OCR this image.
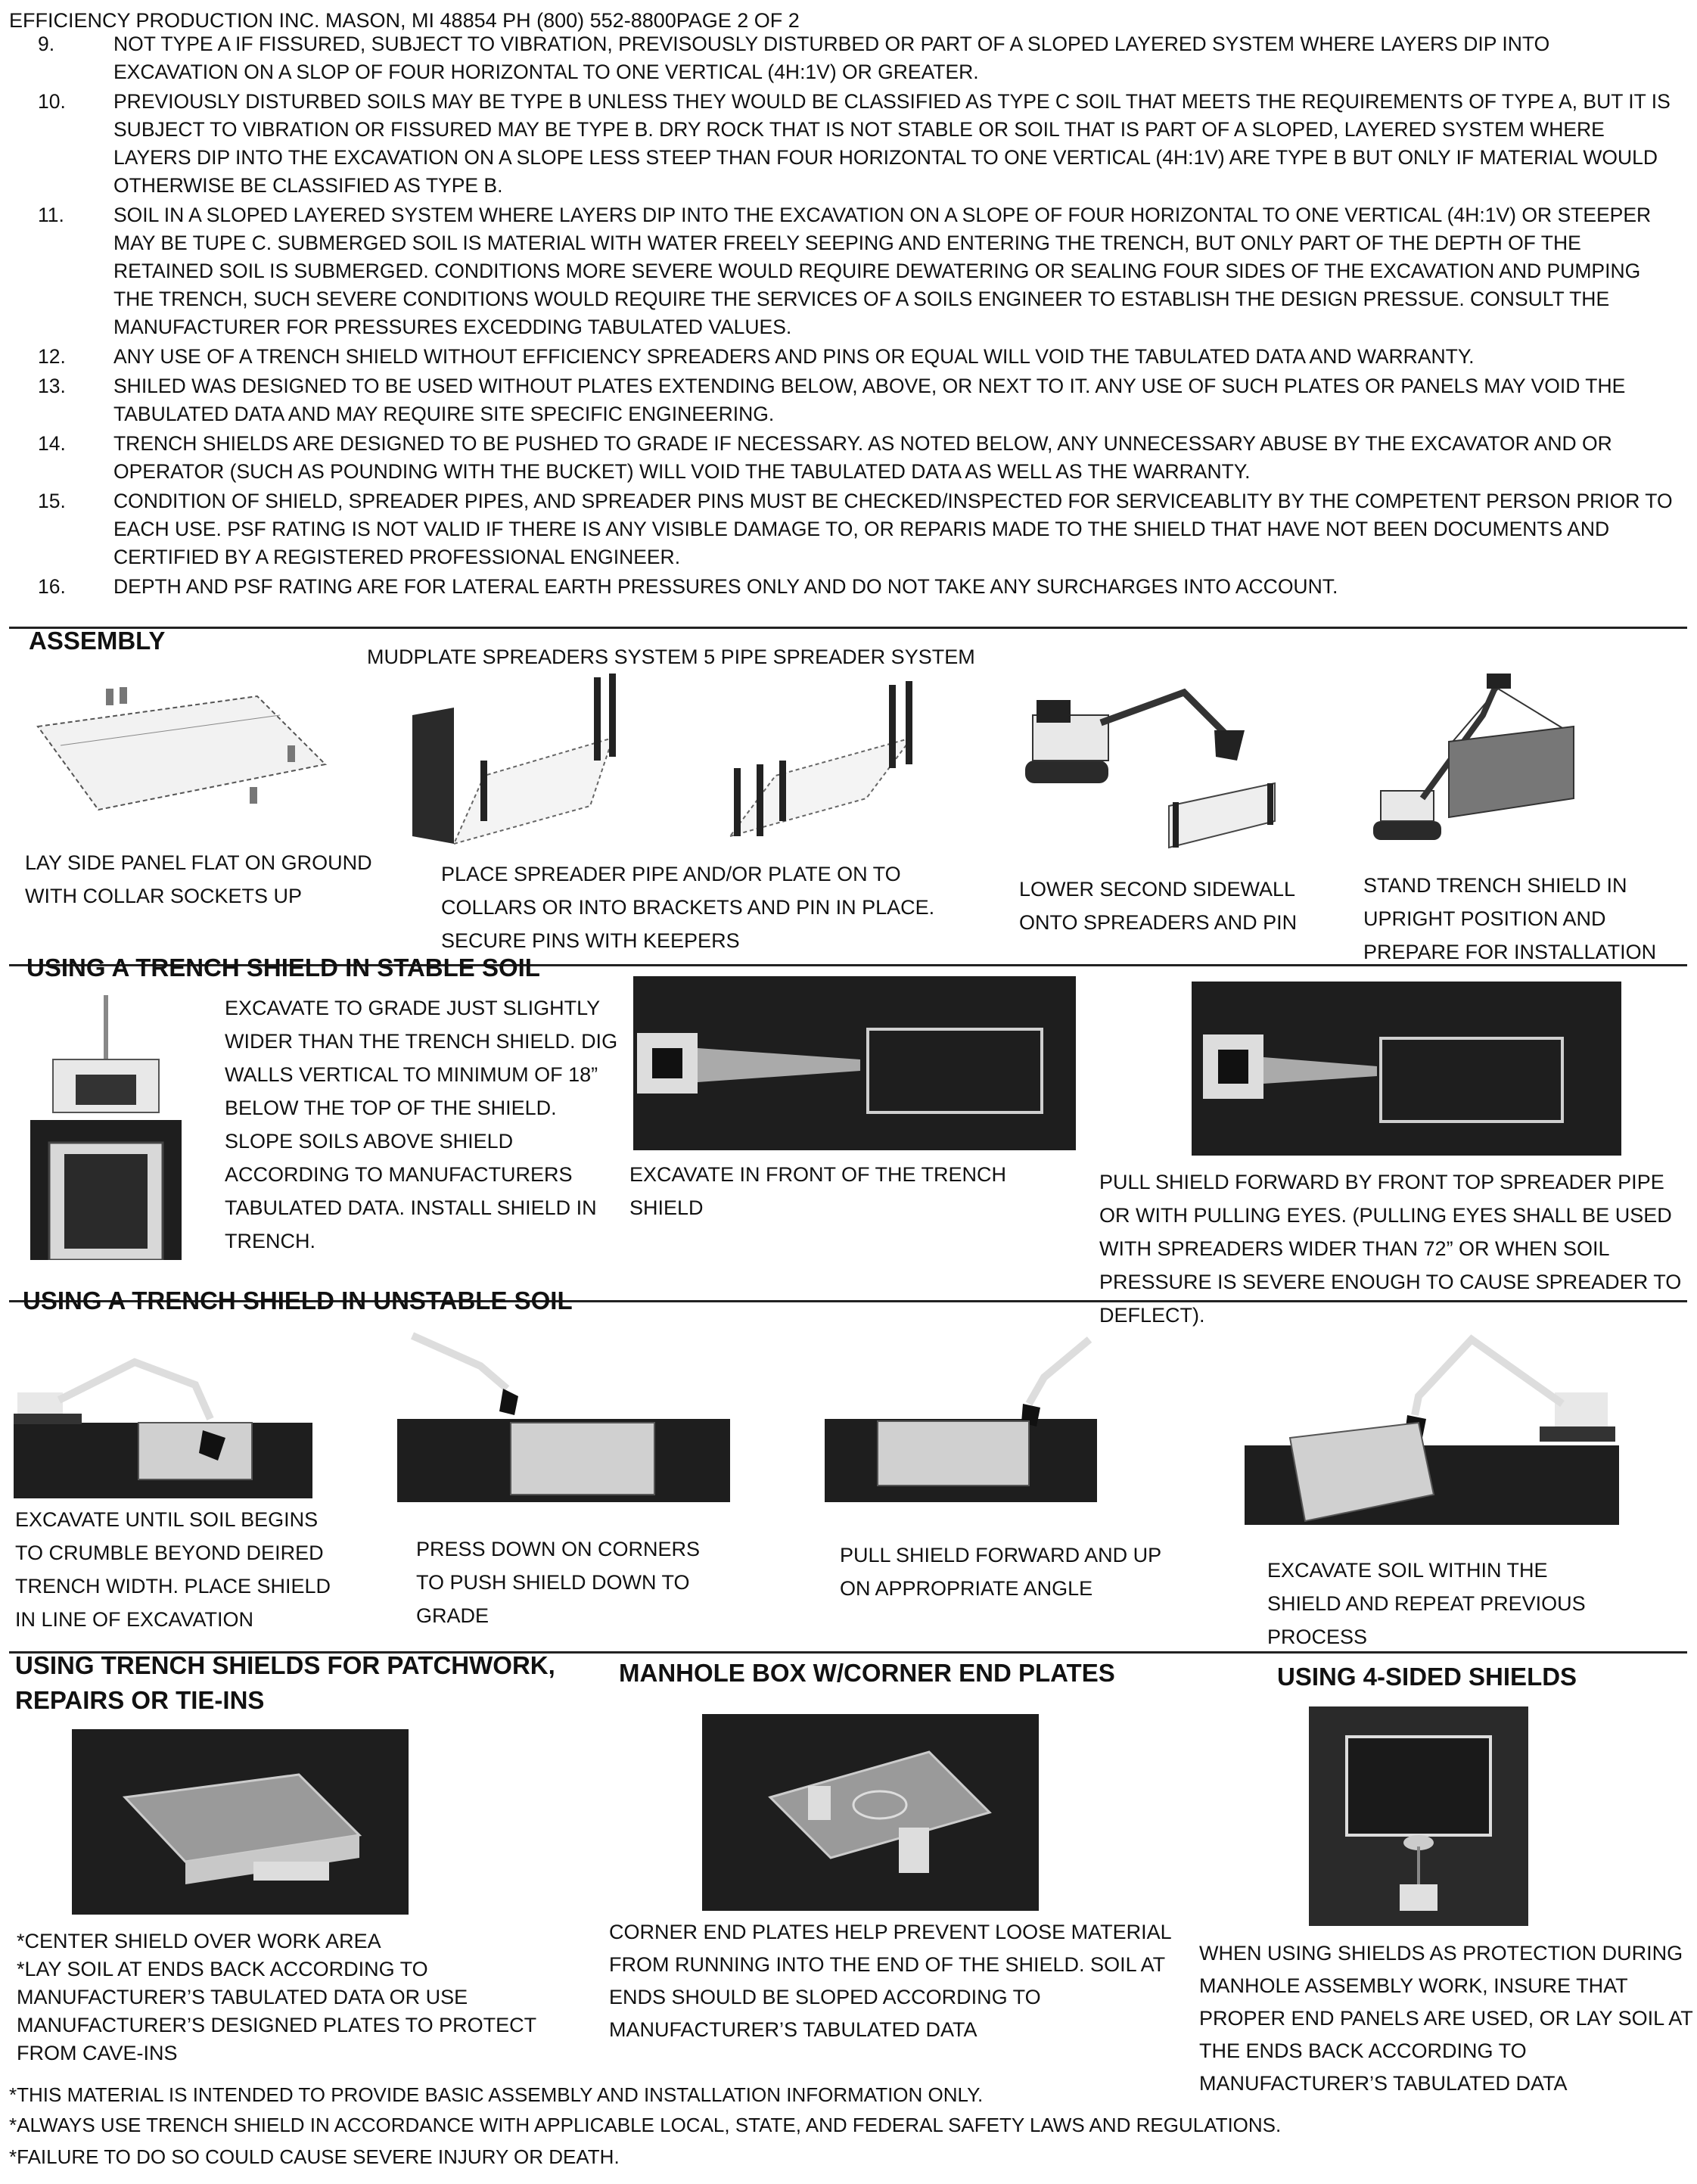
EFFICIENCY PRODUCTION INC. MASON, MI 48854 PH (800) 552-8800PAGE 2 OF 2
9.	NOT TYPE A IF FISSURED, SUBJECT TO VIBRATION, PREVISOUSLY DISTURBED OR PART OF A SLOPED LAYERED SYSTEM WHERE LAYERS DIP INTO EXCAVATION ON A SLOP OF FOUR HORIZONTAL TO ONE VERTICAL (4H:1V) OR GREATER.
10.	PREVIOUSLY DISTURBED SOILS MAY BE TYPE B UNLESS THEY WOULD BE CLASSIFIED AS TYPE C SOIL THAT MEETS THE REQUIREMENTS OF TYPE A, BUT IT IS SUBJECT TO VIBRATION OR FISSURED MAY BE TYPE B. DRY ROCK THAT IS NOT STABLE OR SOIL THAT IS PART OF A SLOPED, LAYERED SYSTEM WHERE LAYERS DIP INTO THE EXCAVATION ON A SLOPE LESS STEEP THAN FOUR HORIZONTAL TO ONE VERTICAL (4H:1V) ARE TYPE B BUT ONLY IF MATERIAL WOULD OTHERWISE BE CLASSIFIED AS TYPE B.
11.	SOIL IN A SLOPED LAYERED SYSTEM WHERE LAYERS DIP INTO THE EXCAVATION ON A SLOPE OF FOUR HORIZONTAL TO ONE VERTICAL (4H:1V) OR STEEPER MAY BE TUPE C. SUBMERGED SOIL IS MATERIAL WITH WATER FREELY SEEPING AND ENTERING THE TRENCH, BUT ONLY PART OF THE DEPTH OF THE RETAINED SOIL IS SUBMERGED. CONDITIONS MORE SEVERE WOULD REQUIRE DEWATERING OR SEALING FOUR SIDES OF THE EXCAVATION AND PUMPING THE TRENCH, SUCH SEVERE CONDITIONS WOULD REQUIRE THE SERVICES OF A SOILS ENGINEER TO ESTABLISH THE DESIGN PRESSUE. CONSULT THE MANUFACTURER FOR PRESSURES EXCEDDING TABULATED VALUES.
12.	ANY USE OF A TRENCH SHIELD WITHOUT EFFICIENCY SPREADERS AND PINS OR EQUAL WILL VOID THE TABULATED DATA AND WARRANTY.
13.	SHILED WAS DESIGNED TO BE USED WITHOUT PLATES EXTENDING BELOW, ABOVE, OR NEXT TO IT. ANY USE OF SUCH PLATES OR PANELS MAY VOID THE TABULATED DATA AND MAY REQUIRE SITE SPECIFIC ENGINEERING.
14.	TRENCH SHIELDS ARE DESIGNED TO BE PUSHED TO GRADE IF NECESSARY. AS NOTED BELOW, ANY UNNECESSARY ABUSE BY THE EXCAVATOR AND OR OPERATOR (SUCH AS POUNDING WITH THE BUCKET) WILL VOID THE TABULATED DATA AS WELL AS THE WARRANTY.
15.	CONDITION OF SHIELD, SPREADER PIPES, AND SPREADER PINS MUST BE CHECKED/INSPECTED FOR SERVICEABLITY BY THE COMPETENT PERSON PRIOR TO EACH USE. PSF RATING IS NOT VALID IF THERE IS ANY VISIBLE DAMAGE TO, OR REPARIS MADE TO THE SHIELD THAT HAVE NOT BEEN DOCUMENTS AND CERTIFIED BY A REGISTERED PROFESSIONAL ENGINEER.
16.	DEPTH AND PSF RATING ARE FOR LATERAL EARTH PRESSURES ONLY AND DO NOT TAKE ANY SURCHARGES INTO ACCOUNT.
ASSEMBLY
MUDPLATE SPREADERS SYSTEM 5 PIPE SPREADER SYSTEM
LAY SIDE PANEL FLAT ON GROUND WITH COLLAR SOCKETS UP
PLACE SPREADER PIPE AND/OR PLATE ON TO COLLARS OR INTO BRACKETS AND PIN IN PLACE. SECURE PINS WITH KEEPERS
LOWER SECOND SIDEWALL ONTO SPREADERS AND PIN
STAND TRENCH SHIELD IN UPRIGHT POSITION AND PREPARE FOR INSTALLATION
USING A TRENCH SHIELD IN STABLE SOIL
EXCAVATE TO GRADE JUST SLIGHTLY WIDER THAN THE TRENCH SHIELD. DIG WALLS VERTICAL TO MINIMUM OF 18” BELOW THE TOP OF THE SHIELD. SLOPE SOILS ABOVE SHIELD ACCORDING TO MANUFACTURERS TABULATED DATA. INSTALL SHIELD IN TRENCH.
EXCAVATE IN FRONT OF THE TRENCH SHIELD
PULL SHIELD FORWARD BY FRONT TOP SPREADER PIPE OR WITH PULLING EYES. (PULLING EYES SHALL BE USED WITH SPREADERS WIDER THAN 72” OR WHEN SOIL PRESSURE IS SEVERE ENOUGH TO CAUSE SPREADER TO DEFLECT).
USING A TRENCH SHIELD IN UNSTABLE SOIL
EXCAVATE UNTIL SOIL BEGINS TO CRUMBLE BEYOND DEIRED TRENCH WIDTH. PLACE SHIELD IN LINE OF EXCAVATION
PRESS DOWN ON CORNERS TO PUSH SHIELD DOWN TO GRADE
PULL SHIELD FORWARD AND UP ON APPROPRIATE ANGLE
EXCAVATE SOIL WITHIN THE SHIELD AND REPEAT PREVIOUS PROCESS
USING TRENCH SHIELDS FOR PATCHWORK, REPAIRS OR TIE-INS
MANHOLE BOX W/CORNER END PLATES	USING 4-SIDED SHIELDS
*CENTER SHIELD OVER WORK AREA
*LAY SOIL AT ENDS BACK ACCORDING TO MANUFACTURER’S TABULATED DATA OR USE MANUFACTURER’S DESIGNED PLATES TO PROTECT FROM CAVE-INS
CORNER END PLATES HELP PREVENT LOOSE MATERIAL FROM RUNNING INTO THE END OF THE SHIELD. SOIL AT ENDS SHOULD BE SLOPED ACCORDING TO MANUFACTURER’S TABULATED DATA
WHEN USING SHIELDS AS PROTECTION DURING MANHOLE ASSEMBLY WORK, INSURE THAT PROPER END PANELS ARE USED, OR LAY SOIL AT THE ENDS BACK ACCORDING TO MANUFACTURER’S TABULATED DATA
*THIS MATERIAL IS INTENDED TO PROVIDE BASIC ASSEMBLY AND INSTALLATION INFORMATION ONLY.
*ALWAYS USE TRENCH SHIELD IN ACCORDANCE WITH APPLICABLE LOCAL, STATE, AND FEDERAL SAFETY LAWS AND REGULATIONS.
*FAILURE TO DO SO COULD CAUSE SEVERE INJURY OR DEATH.
